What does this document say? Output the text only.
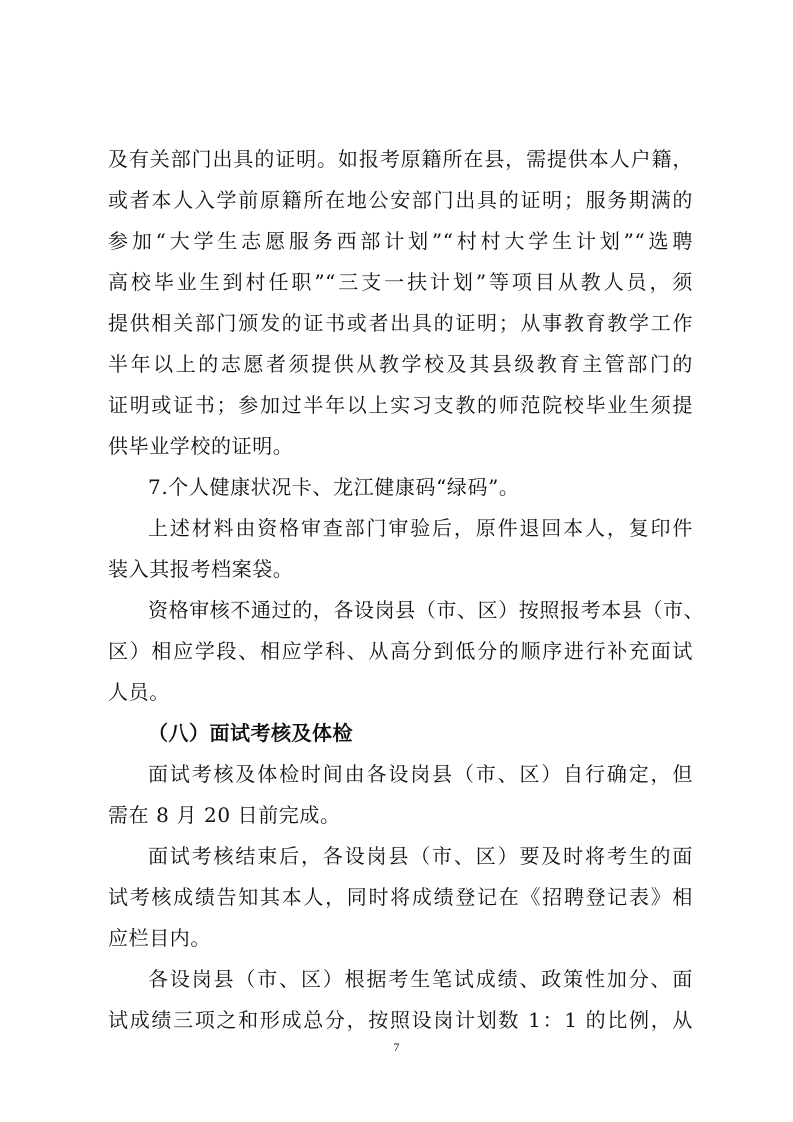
及有关部门出具的证明。如报考原籍所在县，需提供本人户籍，
或者本人入学前原籍所在地公安部门出具的证明；服务期满的
参加“大学生志愿服务西部计划”“村村大学生计划”“选聘
高校毕业生到村任职”“三支一扶计划”等项目从教人员，须
提供相关部门颁发的证书或者出具的证明；从事教育教学工作
半年以上的志愿者须提供从教学校及其县级教育主管部门的
证明或证书；参加过半年以上实习支教的师范院校毕业生须提
供毕业学校的证明。
7.个人健康状况卡、龙江健康码“绿码”。
上述材料由资格审查部门审验后，原件退回本人，复印件
装入其报考档案袋。
资格审核不通过的，各设岗县（市、区）按照报考本县（市、
区）相应学段、相应学科、从高分到低分的顺序进行补充面试
人员。
（八）面试考核及体检
面试考核及体检时间由各设岗县（市、区）自行确定，但
需在 8 月 20 日前完成。
面试考核结束后，各设岗县（市、区）要及时将考生的面
试考核成绩告知其本人，同时将成绩登记在《招聘登记表》相
应栏目内。
各设岗县（市、区）根据考生笔试成绩、政策性加分、面
试成绩三项之和形成总分，按照设岗计划数 1：1 的比例，从
7
